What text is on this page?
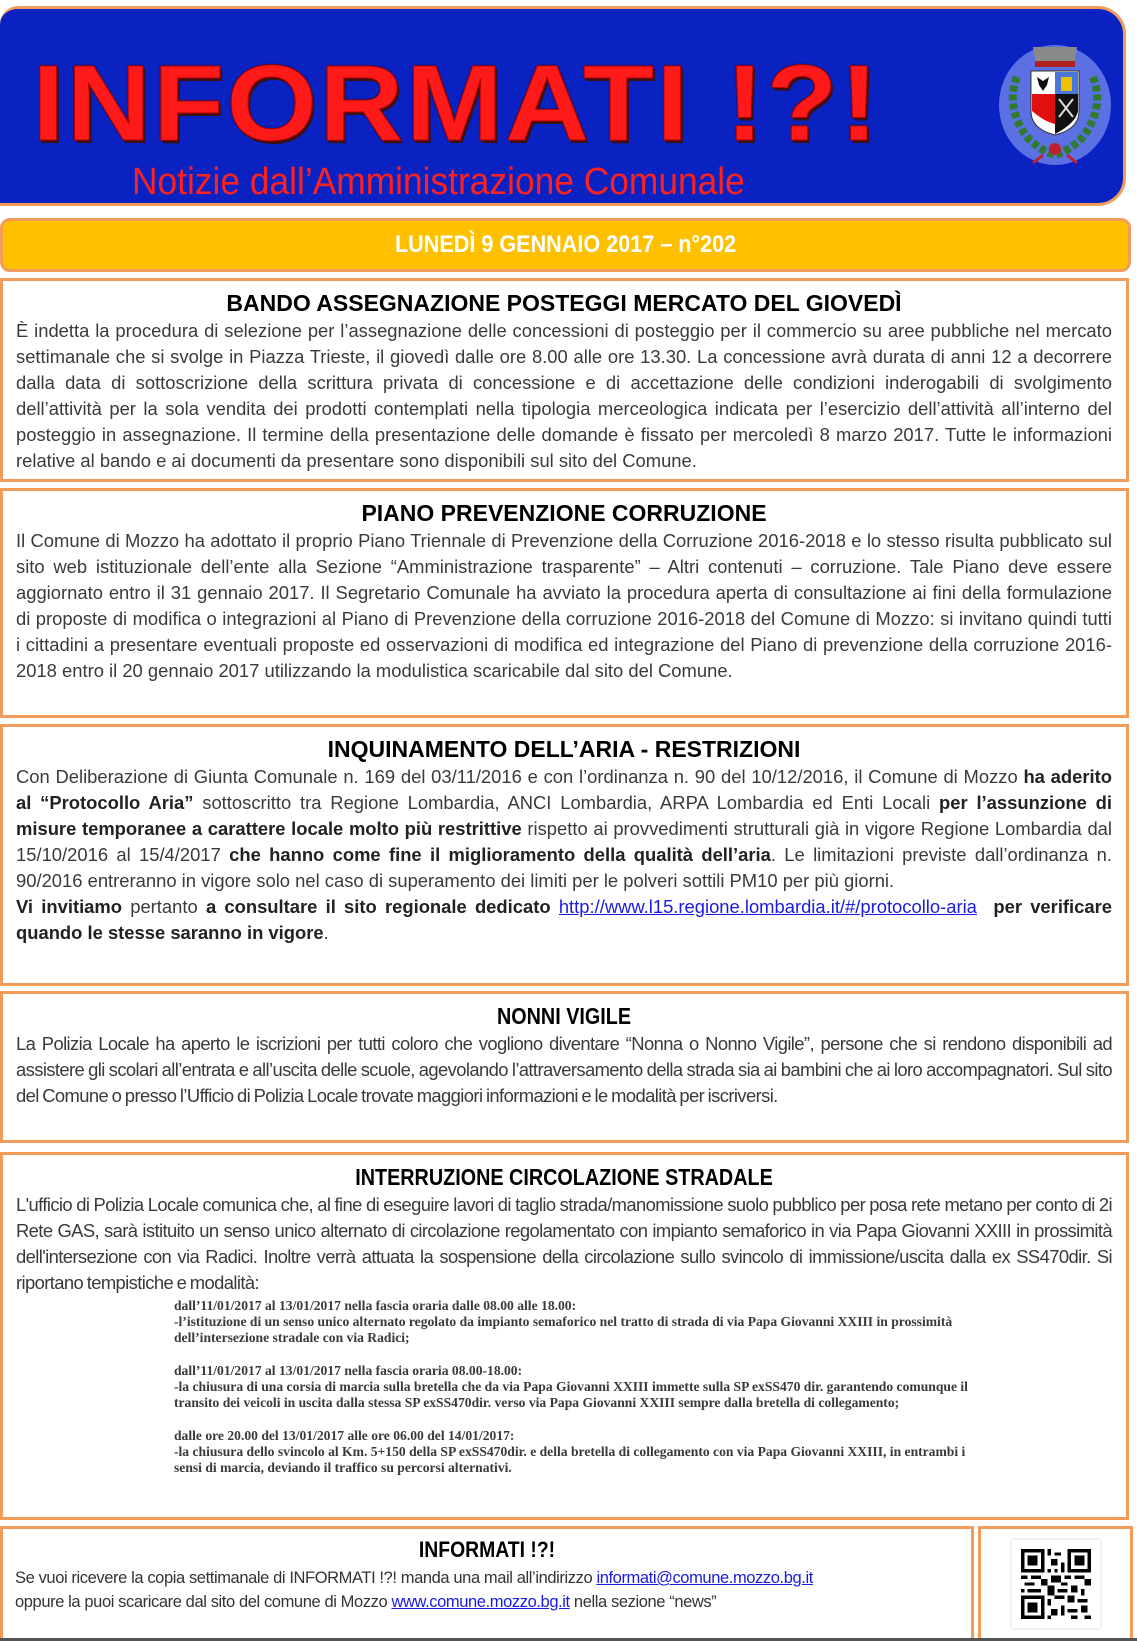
INFORMATI !?!
Notizie dall’Amministrazione Comunale
LUNEDÌ 9 GENNAIO 2017 – n°202
BANDO ASSEGNAZIONE POSTEGGI MERCATO DEL GIOVEDÌ

È indetta la procedura di selezione per l’assegnazione delle concessioni di posteggio per il commercio su aree pubbliche nel mercato settimanale che si svolge in Piazza Trieste, il giovedì dalle ore 8.00 alle ore 13.30. La concessione avrà durata di anni 12 a decorrere dalla data di sottoscrizione della scrittura privata di concessione e di accettazione delle condizioni inderogabili di svolgimento dell’attività per la sola vendita dei prodotti contemplati nella tipologia merceologica indicata per l’esercizio dell’attività all’interno del posteggio in assegnazione. Il termine della presentazione delle domande è fissato per mercoledì 8 marzo 2017. Tutte le informazioni relative al bando e ai documenti da presentare sono disponibili sul sito del Comune.

PIANO PREVENZIONE CORRUZIONE

Il Comune di Mozzo ha adottato il proprio Piano Triennale di Prevenzione della Corruzione 2016-2018 e lo stesso risulta pubblicato sul sito web istituzionale dell’ente alla Sezione “Amministrazione trasparente” – Altri contenuti – corruzione. Tale Piano deve essere aggiornato entro il 31 gennaio 2017. Il Segretario Comunale ha avviato la procedura aperta di consultazione ai fini della formulazione di proposte di modifica o integrazioni al Piano di Prevenzione della corruzione 2016-2018 del Comune di Mozzo: si invitano quindi tutti i cittadini a presentare eventuali proposte ed osservazioni di modifica ed integrazione del Piano di prevenzione della corruzione 2016-2018 entro il 20 gennaio 2017 utilizzando la modulistica scaricabile dal sito del Comune.

INQUINAMENTO DELL’ARIA - RESTRIZIONI

Con Deliberazione di Giunta Comunale n. 169 del 03/11/2016 e con l’ordinanza n. 90 del 10/12/2016, il Comune di Mozzo ha aderito al “Protocollo Aria” sottoscritto tra Regione Lombardia, ANCI Lombardia, ARPA Lombardia ed Enti Locali per l’assunzione di misure temporanee a carattere locale molto più restrittive rispetto ai provvedimenti strutturali già in vigore Regione Lombardia dal 15/10/2016 al 15/4/2017 che hanno come fine il miglioramento della qualità dell’aria. Le limitazioni previste dall’ordinanza n. 90/2016 entreranno in vigore solo nel caso di superamento dei limiti per le polveri sottili PM10 per più giorni.
Vi invitiamo pertanto a consultare il sito regionale dedicato http://www.l15.regione.lombardia.it/#/protocollo-aria per verificare quando le stesse saranno in vigore.

NONNI VIGILE

La Polizia Locale ha aperto le iscrizioni per tutti coloro che vogliono diventare “Nonna o Nonno Vigile”, persone che si rendono disponibili ad assistere gli scolari all’entrata e all’uscita delle scuole, agevolando l’attraversamento della strada sia ai bambini che ai loro accompagnatori. Sul sito del Comune o presso l’Ufficio di Polizia Locale trovate maggiori informazioni e le modalità per iscriversi.

INTERRUZIONE CIRCOLAZIONE STRADALE

L'ufficio di Polizia Locale comunica che, al fine di eseguire lavori di taglio strada/manomissione suolo pubblico per posa rete metano per conto di 2i Rete GAS, sarà istituito un senso unico alternato di circolazione regolamentato con impianto semaforico in via Papa Giovanni XXIII in prossimità dell'intersezione con via Radici. Inoltre verrà attuata la sospensione della circolazione sullo svincolo di immissione/uscita dalla ex SS470dir. Si riportano tempistiche e modalità:

dall’11/01/2017 al 13/01/2017 nella fascia oraria dalle 08.00 alle 18.00:
-l’istituzione di un senso unico alternato regolato da impianto semaforico nel tratto di strada di via Papa Giovanni XXIII in prossimità dell’intersezione stradale con via Radici;
dall’11/01/2017 al 13/01/2017 nella fascia oraria 08.00-18.00:
-la chiusura di una corsia di marcia sulla bretella che da via Papa Giovanni XXIII immette sulla SP exSS470 dir. garantendo comunque il transito dei veicoli in uscita dalla stessa SP exSS470dir. verso via Papa Giovanni XXIII sempre dalla bretella di collegamento;
dalle ore 20.00 del 13/01/2017 alle ore 06.00 del 14/01/2017:
-la chiusura dello svincolo al Km. 5+150 della SP exSS470dir. e della bretella di collegamento con via Papa Giovanni XXIII, in entrambi i sensi di marcia, deviando il traffico su percorsi alternativi.
INFORMATI !?!

Se vuoi ricevere la copia settimanale di INFORMATI !?! manda una mail all’indirizzo informati@comune.mozzo.bg.it

oppure la puoi scaricare dal sito del comune di Mozzo www.comune.mozzo.bg.it nella sezione “news”
